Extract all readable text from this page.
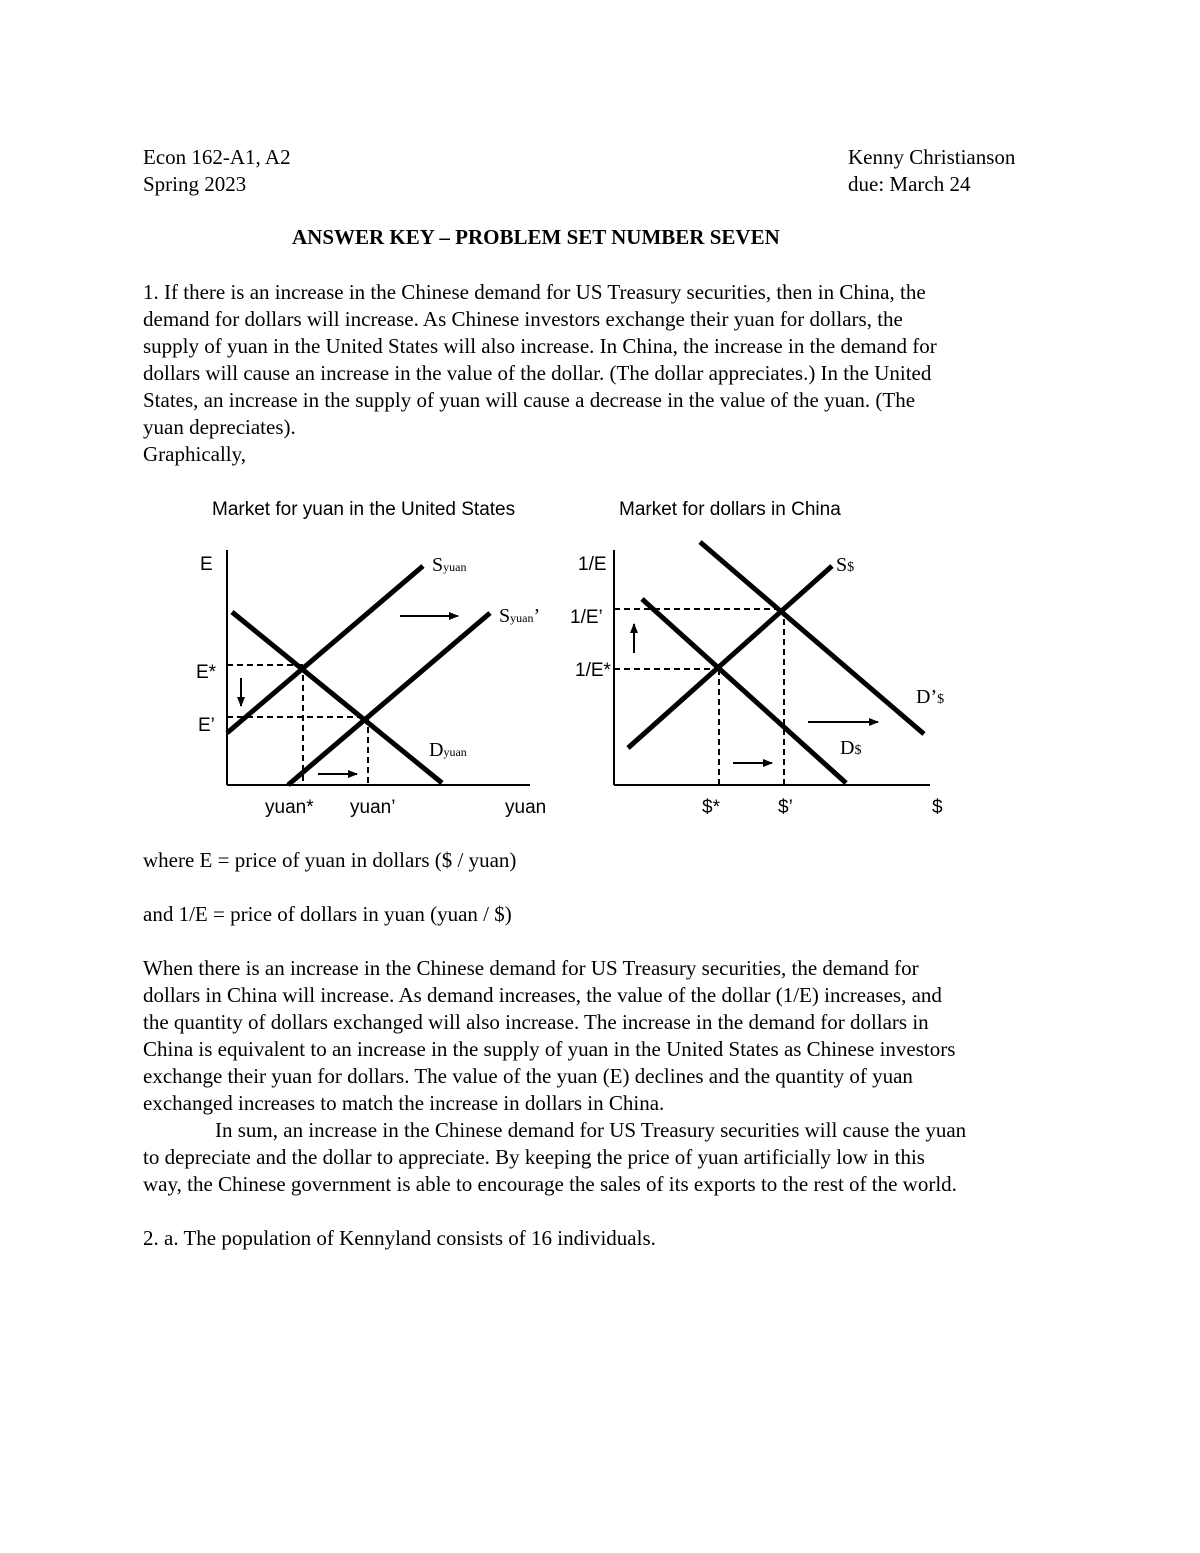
Econ 162-A1, A2
Spring 2023
Kenny Christianson
due: March 24
ANSWER KEY – PROBLEM SET NUMBER SEVEN
1. If there is an increase in the Chinese demand for US Treasury securities, then in China, the
demand for dollars will increase. As Chinese investors exchange their yuan for dollars, the
supply of yuan in the United States will also increase. In China, the increase in the demand for
dollars will cause an increase in the value of the dollar. (The dollar appreciates.) In the United
States, an increase in the supply of yuan will cause a decrease in the value of the yuan. (The
yuan depreciates).
Graphically,
Market for yuan in the United States
E
E*
E’
yuan* yuan’	yuan
Syuan
Syuan’
Dyuan
Market for dollars in China
1/E
1/E’
1/E*
$*	$’	$
S$
D$
D’$
where E = price of yuan in dollars ($ / yuan)
and 1/E = price of dollars in yuan (yuan / $)
When there is an increase in the Chinese demand for US Treasury securities, the demand for
dollars in China will increase. As demand increases, the value of the dollar (1/E) increases, and
the quantity of dollars exchanged will also increase. The increase in the demand for dollars in
China is equivalent to an increase in the supply of yuan in the United States as Chinese investors
exchange their yuan for dollars. The value of the yuan (E) declines and the quantity of yuan
exchanged increases to match the increase in dollars in China.
In sum, an increase in the Chinese demand for US Treasury securities will cause the yuan
to depreciate and the dollar to appreciate. By keeping the price of yuan artificially low in this
way, the Chinese government is able to encourage the sales of its exports to the rest of the world.
2. a. The population of Kennyland consists of 16 individuals.
